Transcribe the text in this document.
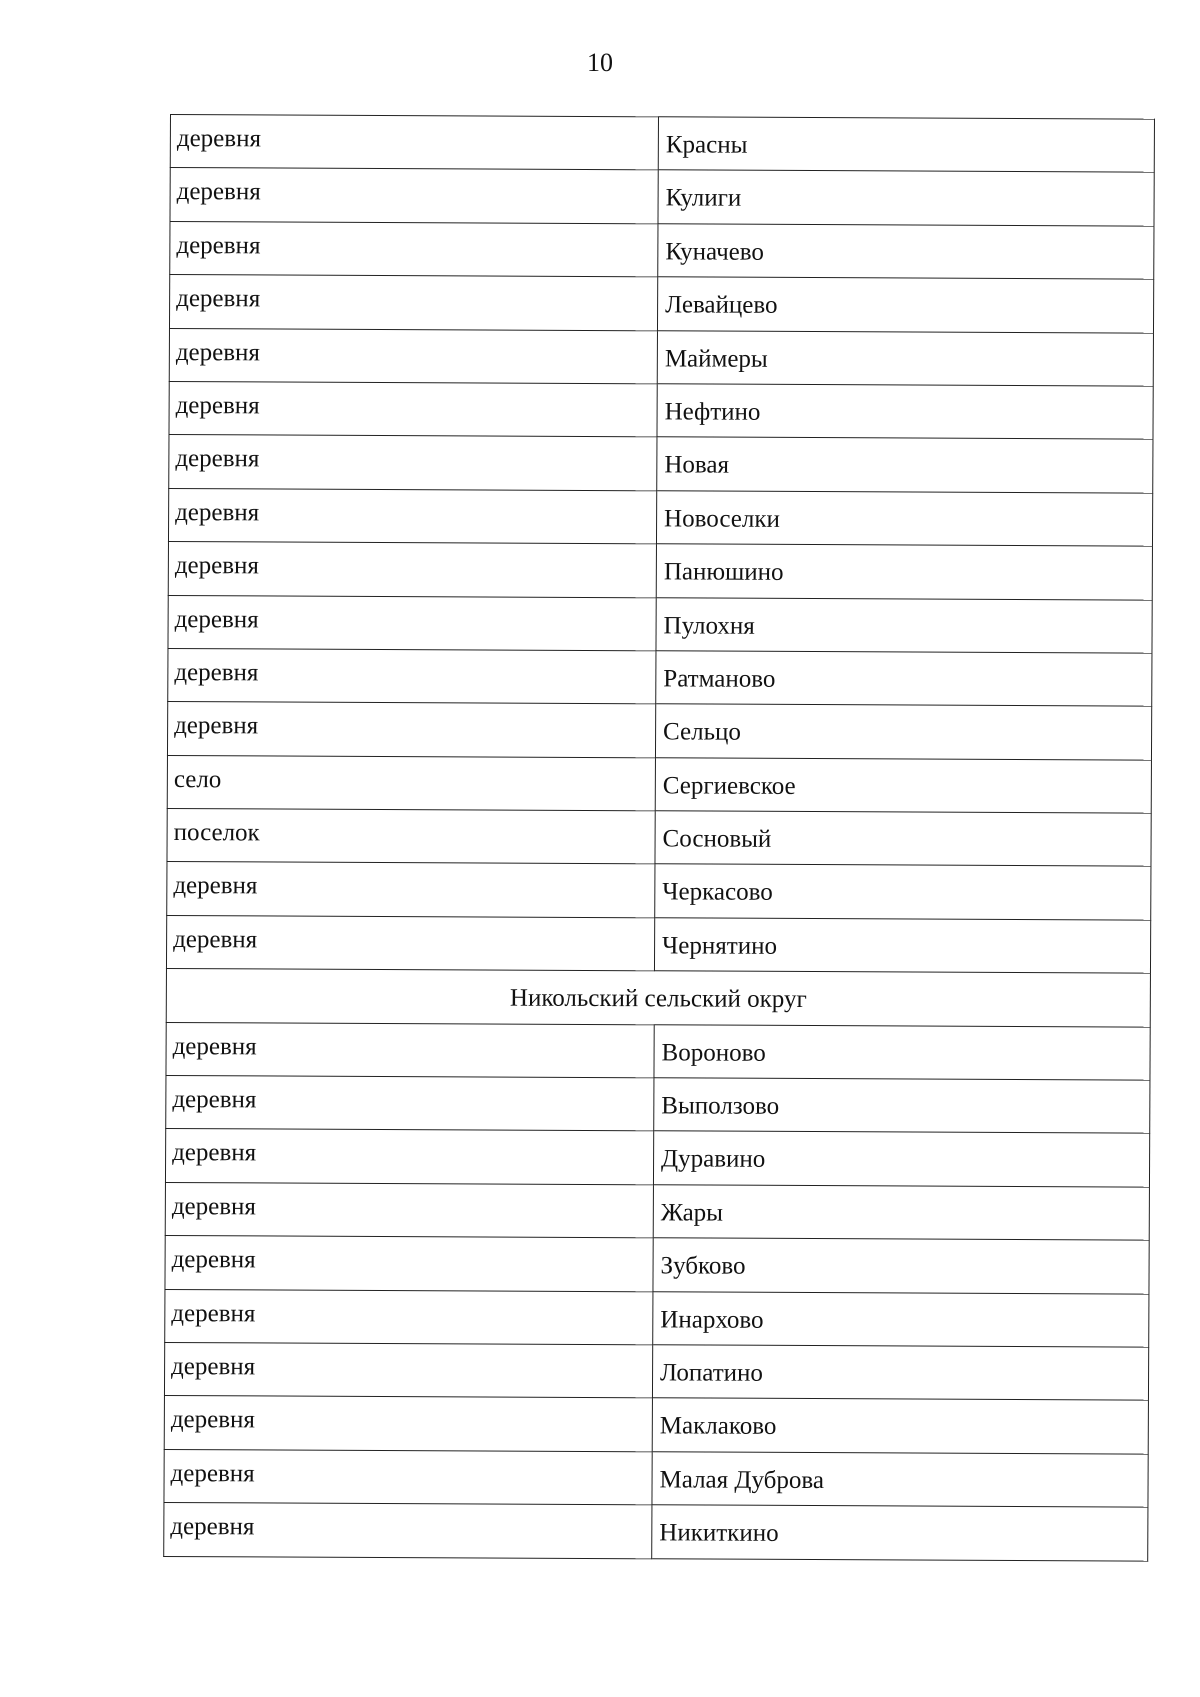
10
деревня	Красны
деревня	Кулиги
деревня	Куначево
деревня	Левайцево
деревня	Маймеры
деревня	Нефтино
деревня	Новая
деревня	Новоселки
деревня	Панюшино
деревня	Пулохня
деревня	Ратманово
деревня	Сельцо
село	Сергиевское
поселок	Сосновый
деревня	Черкасово
деревня	Чернятино
Никольский сельский округ	
деревня	Вороново
деревня	Выползово
деревня	Дуравино
деревня	Жары
деревня	Зубково
деревня	Инархово
деревня	Лопатино
деревня	Маклаково
деревня	Малая Дуброва
деревня	Никиткино
